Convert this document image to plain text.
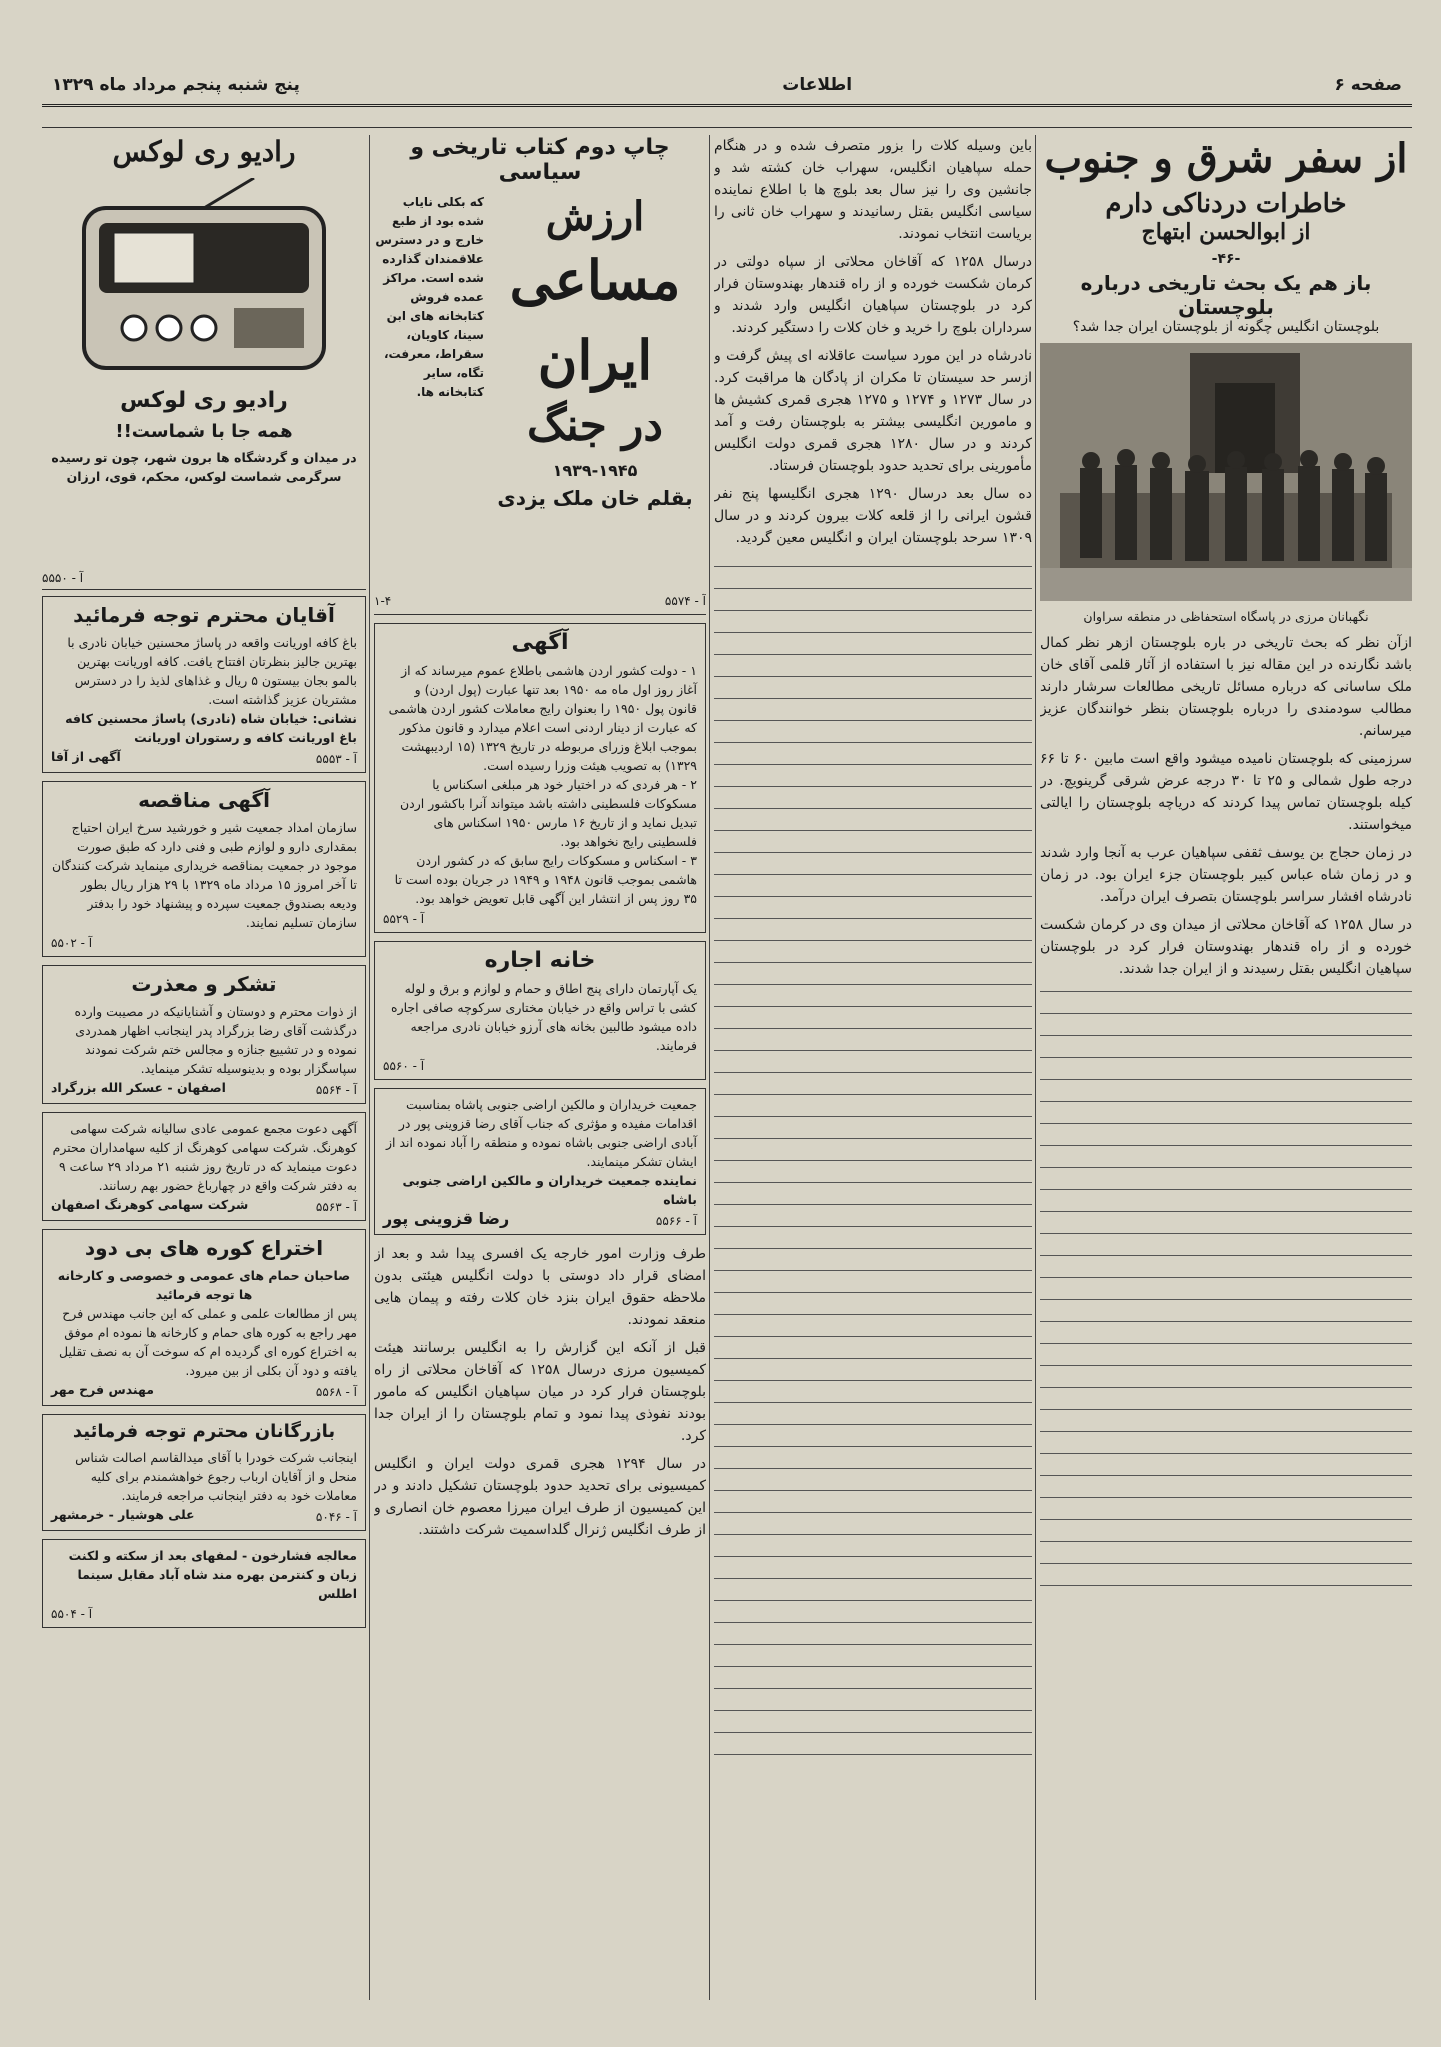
صفحه ۶
اطلاعات
پنج شنبه پنجم مرداد ماه ۱۳۲۹
از سفر شرق و جنوب
خاطرات دردناکی دارم
از ابوالحسن ابتهاج
-۴۶-
باز هم یک بحث تاریخی درباره بلوچستان
بلوچستان انگلیس چگونه از بلوچستان ایران جدا شد؟
نگهبانان مرزی در پاسگاه استحفاظی در منطقه سراوان
ازآن نظر که بحث تاریخی در باره بلوچستان ازهر نظر کمال باشد نگارنده در این مقاله نیز با استفاده از آثار قلمی آقای خان ملک ساسانی که درباره مسائل تاریخی مطالعات سرشار دارند مطالب سودمندی را درباره بلوچستان بنظر خوانندگان عزیز میرسانم.
سرزمینی که بلوچستان نامیده میشود واقع است مابین ۶۰ تا ۶۶ درجه طول شمالی و ۲۵ تا ۳۰ درجه عرض شرقی گرینویچ. در کیله بلوچستان تماس پیدا کردند که دریاچه بلوچستان را ایالتی میخواستند.
در زمان حجاج بن یوسف ثقفی سپاهیان عرب به آنجا وارد شدند و در زمان شاه عباس کبیر بلوچستان جزء ایران بود. در زمان نادرشاه افشار سراسر بلوچستان بتصرف ایران درآمد.
در سال ۱۲۵۸ که آقاخان محلاتی از میدان وی در کرمان شکست خورده و از راه قندهار بهندوستان فرار کرد در بلوچستان سپاهیان انگلیس بقتل رسیدند و از ایران جدا شدند.
باین وسیله کلات را بزور متصرف شده و در هنگام حمله سپاهیان انگلیس، سهراب خان کشته شد و جانشین وی را نیز سال بعد بلوچ ها با اطلاع نماینده سیاسی انگلیس بقتل رسانیدند و سهراب خان ثانی را بریاست انتخاب نمودند.
درسال ۱۲۵۸ که آقاخان محلاتی از سپاه دولتی در کرمان شکست خورده و از راه قندهار بهندوستان فرار کرد در بلوچستان سپاهیان انگلیس وارد شدند و سرداران بلوچ را خرید و خان کلات را دستگیر کردند.
نادرشاه در این مورد سیاست عاقلانه ای پیش گرفت و ازسر حد سیستان تا مکران از پادگان ها مراقبت کرد. در سال ۱۲۷۳ و ۱۲۷۴ و ۱۲۷۵ هجری قمری کشیش ها و مامورین انگلیسی بیشتر به بلوچستان رفت و آمد کردند و در سال ۱۲۸۰ هجری قمری دولت انگلیس مأمورینی برای تحدید حدود بلوچستان فرستاد.
ده سال بعد درسال ۱۲۹۰ هجری انگلیسها پنج نفر قشون ایرانی را از قلعه کلات بیرون کردند و در سال ۱۳۰۹ سرحد بلوچستان ایران و انگلیس معین گردید.
چاپ دوم کتاب تاریخی و سیاسی
ارزش
مساعی ایران
در جنگ
۱۹۳۹-۱۹۴۵
بقلم خان ملک یزدی
که بکلی نایاب شده بود از طبع خارج و در دسترس علاقمندان گذارده شده است. مراکز عمده فروش کتابخانه های ابن سینا، کاویان، سقراط، معرفت، تگاه، سایر کتابخانه ها.
آ - ۵۵۷۴
۱-۴
آگهی
۱ - دولت کشور اردن هاشمی باطلاع عموم میرساند که از آغاز روز اول ماه مه ۱۹۵۰ بعد تنها عبارت (پول اردن) و قانون پول ۱۹۵۰ را بعنوان رایج معاملات کشور اردن هاشمی که عبارت از دینار اردنی است اعلام میدارد و قانون مذکور بموجب ابلاغ وزرای مربوطه در تاریخ ۱۳۲۹ (۱۵ اردیبهشت ۱۳۲۹) به تصویب هیئت وزرا رسیده است.
۲ - هر فردی که در اختیار خود هر مبلغی اسکناس یا مسکوکات فلسطینی داشته باشد میتواند آنرا باکشور اردن تبدیل نماید و از تاریخ ۱۶ مارس ۱۹۵۰ اسکناس های فلسطینی رایج نخواهد بود.
۳ - اسکناس و مسکوکات رایج سابق که در کشور اردن هاشمی بموجب قانون ۱۹۴۸ و ۱۹۴۹ در جریان بوده است تا ۳۵ روز پس از انتشار این آگهی قابل تعویض خواهد بود.
آ - ۵۵۲۹
خانه اجاره
یک آپارتمان دارای پنج اطاق و حمام و لوازم و برق و لوله کشی با تراس واقع در خیابان مختاری سرکوچه صافی اجاره داده میشود طالبین بخانه های آرزو خیابان نادری مراجعه فرمایند.
آ - ۵۵۶۰
جمعیت خریداران و مالکین اراضی جنوبی پاشاه بمناسبت اقدامات مفیده و مؤثری که جناب آقای رضا قزوینی پور در آبادی اراضی جنوبی باشاه نموده و منطقه را آباد نموده اند از ایشان تشکر مینمایند.
نماینده جمعیت خریداران و مالکین اراضی جنوبی باشاه
آ - ۵۵۶۶
رضا قزوینی پور
طرف وزارت امور خارجه یک افسری پیدا شد و بعد از امضای قرار داد دوستی با دولت انگلیس هیئتی بدون ملاحظه حقوق ایران بنزد خان کلات رفته و پیمان هایی منعقد نمودند.
قبل از آنکه این گزارش را به انگلیس برسانند هیئت کمیسیون مرزی درسال ۱۲۵۸ که آقاخان محلاتی از راه بلوچستان فرار کرد در میان سپاهیان انگلیس که مامور بودند نفوذی پیدا نمود و تمام بلوچستان را از ایران جدا کرد.
در سال ۱۲۹۴ هجری قمری دولت ایران و انگلیس کمیسیونی برای تحدید حدود بلوچستان تشکیل دادند و در این کمیسیون از طرف ایران میرزا معصوم خان انصاری و از طرف انگلیس ژنرال گلداسمیت شرکت داشتند.
رادیو ری لوکس
رادیو ری لوکس
همه جا با شماست!!
در میدان و گردشگاه ها برون شهر، چون تو رسیده سرگرمی شماست لوکس، محکم، قوی، ارزان
آ - ۵۵۵۰
آقایان محترم توجه فرمائید
باغ کافه اوریانت واقعه در پاساژ محسنین خیابان نادری با بهترین جالیز بنظرتان افتتاح یافت. کافه اوریانت بهترین بالمو بجان بیستون ۵ ریال و غذاهای لذیذ را در دسترس مشتریان عزیز گذاشته است.
نشانی: خیابان شاه (نادری) پاساژ محسنین کافه باغ اوریانت کافه و رستوران اوریانت
آ - ۵۵۵۳
آگهی از آقا
آگهی مناقصه
سازمان امداد جمعیت شیر و خورشید سرخ ایران احتیاج بمقداری دارو و لوازم طبی و فنی دارد که طبق صورت موجود در جمعیت بمناقصه خریداری مینماید شرکت کنندگان تا آخر امروز ۱۵ مرداد ماه ۱۳۲۹ با ۲۹ هزار ریال بطور ودیعه بصندوق جمعیت سپرده و پیشنهاد خود را بدفتر سازمان تسلیم نمایند.
آ - ۵۵۰۲
تشکر و معذرت
از ذوات محترم و دوستان و آشنایانیکه در مصیبت وارده درگذشت آقای رضا بزرگراد پدر اینجانب اظهار همدردی نموده و در تشییع جنازه و مجالس ختم شرکت نمودند سپاسگزار بوده و بدینوسیله تشکر مینماید.
آ - ۵۵۶۴
اصفهان - عسکر الله بزرگراد
آگهی دعوت مجمع عمومی عادی سالیانه شرکت سهامی کوهرنگ. شرکت سهامی کوهرنگ از کلیه سهامداران محترم دعوت مینماید که در تاریخ روز شنبه ۲۱ مرداد ۲۹ ساعت ۹ به دفتر شرکت واقع در چهارباغ حضور بهم رسانند.
آ - ۵۵۶۳
شرکت سهامی کوهرنگ اصفهان
اختراع کوره های بی دود
صاحبان حمام های عمومی و خصوصی و کارخانه ها توجه فرمائید
پس از مطالعات علمی و عملی که این جانب مهندس فرح مهر راجع به کوره های حمام و کارخانه ها نموده ام موفق به اختراع کوره ای گردیده ام که سوخت آن به نصف تقلیل یافته و دود آن بکلی از بین میرود.
آ - ۵۵۶۸
مهندس فرح مهر
بازرگانان محترم توجه فرمائید
اینجانب شرکت خودرا با آقای میدالقاسم اصالت شناس منحل و از آقایان ارباب رجوع خواهشمندم برای کلیه معاملات خود به دفتر اینجانب مراجعه فرمایند.
آ - ۵۰۴۶
علی هوشیار - خرمشهر
معالجه فشارخون - لمفهای بعد از سکته و لکنت زبان و کنترمن بهره مند شاه آباد مقابل سینما اطلس
آ - ۵۵۰۴
